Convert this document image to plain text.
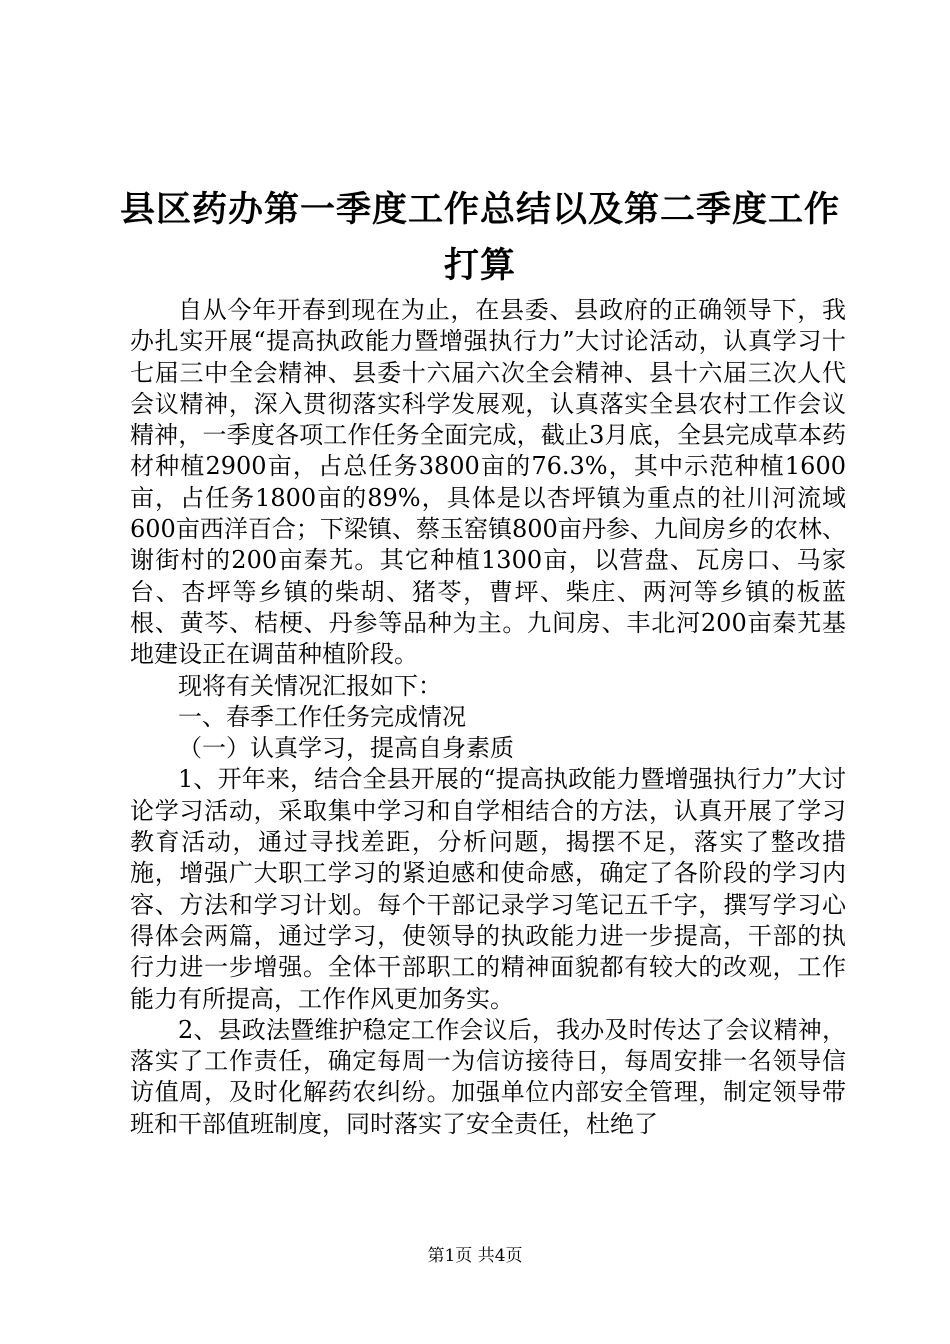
县区药办第一季度工作总结以及第二季度工作
打算

自从今年开春到现在为止，在县委、县政府的正确领导下，我办扎实开展“提高执政能力暨增强执行力”大讨论活动，认真学习十七届三中全会精神、县委十六届六次全会精神、县十六届三次人代会议精神，深入贯彻落实科学发展观，认真落实全县农村工作会议精神，一季度各项工作任务全面完成，截止3月底，全县完成草本药材种植2900亩，占总任务3800亩的76.3%，其中示范种植1600亩，占任务1800亩的89%，具体是以杏坪镇为重点的社川河流域600亩西洋百合；下梁镇、蔡玉窑镇800亩丹参、九间房乡的农林、谢街村的200亩秦艽。其它种植1300亩，以营盘、瓦房口、马家台、杏坪等乡镇的柴胡、猪苓，曹坪、柴庄、两河等乡镇的板蓝根、黄芩、桔梗、丹参等品种为主。九间房、丰北河200亩秦艽基地建设正在调苗种植阶段。

现将有关情况汇报如下：

一、春季工作任务完成情况

（一）认真学习，提高自身素质

1、开年来，结合全县开展的“提高执政能力暨增强执行力”大讨论学习活动，采取集中学习和自学相结合的方法，认真开展了学习教育活动，通过寻找差距，分析问题，揭摆不足，落实了整改措施，增强广大职工学习的紧迫感和使命感，确定了各阶段的学习内容、方法和学习计划。每个干部记录学习笔记五千字，撰写学习心得体会两篇，通过学习，使领导的执政能力进一步提高，干部的执行力进一步增强。全体干部职工的精神面貌都有较大的改观，工作能力有所提高，工作作风更加务实。

2、县政法暨维护稳定工作会议后，我办及时传达了会议精神，落实了工作责任，确定每周一为信访接待日，每周安排一名领导信访值周，及时化解药农纠纷。加强单位内部安全管理，制定领导带班和干部值班制度，同时落实了安全责任，杜绝了

第1页 共4页
